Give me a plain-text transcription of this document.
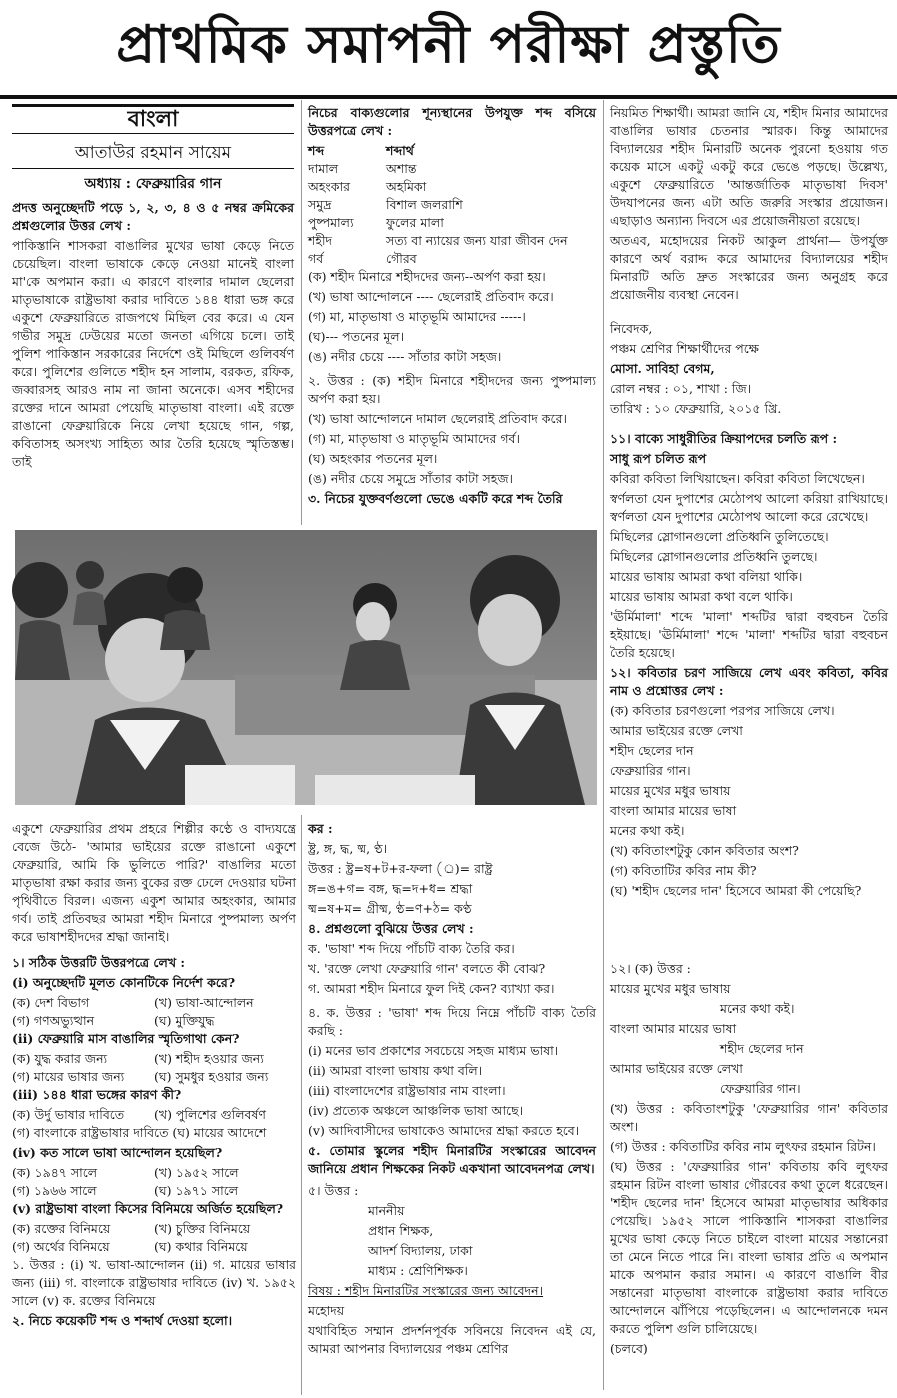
প্রাথমিক সমাপনী পরীক্ষা প্রস্তুতি
বাংলা
আতাউর রহমান সায়েম
অধ্যায় : ফেব্রুয়ারির গান

প্রদত্ত অনুচ্ছেদটি পড়ে ১, ২, ৩, ৪ ও ৫ নম্বর ক্রমিকের প্রশ্নগুলোর উত্তর লেখ :

পাকিস্তানি শাসকরা বাঙালির মুখের ভাষা কেড়ে নিতে চেয়েছিল। বাংলা ভাষাকে কেড়ে নেওয়া মানেই বাংলা মা'কে অপমান করা। এ কারণে বাংলার দামাল ছেলেরা মাতৃভাষাকে রাষ্ট্রভাষা করার দাবিতে ১৪৪ ধারা ভঙ্গ করে একুশে ফেব্রুয়ারিতে রাজপথে মিছিল বের করে। এ যেন গভীর সমুদ্র ঢেউয়ের মতো জনতা এগিয়ে চলে। তাই পুলিশ পাকিস্তান সরকারের নির্দেশে ওই মিছিলে গুলিবর্ষণ করে। পুলিশের গুলিতে শহীদ হন সালাম, বরকত, রফিক, জব্বারসহ আরও নাম না জানা অনেকে। এসব শহীদের রক্তের দানে আমরা পেয়েছি মাতৃভাষা বাংলা। এই রক্তে রাঙানো ফেব্রুয়ারিকে নিয়ে লেখা হয়েছে গান, গল্প, কবিতাসহ অসংখ্য সাহিত্য আর তৈরি হয়েছে স্মৃতিস্তম্ভ। তাই

নিচের বাক্যগুলোর শূন্যস্থানের উপযুক্ত শব্দ বসিয়ে উত্তরপত্রে লেখ :

শব্দ	শব্দার্থ
দামাল	অশান্ত
অহংকার	অহমিকা
সমুদ্র	বিশাল জলরাশি
পুষ্পমাল্য	ফুলের মালা
শহীদ	সত্য বা ন্যায়ের জন্য যারা জীবন দেন
গর্ব	গৌরব

(ক) শহীদ মিনারে শহীদদের জন্য--অর্পণ করা হয়।

(খ) ভাষা আন্দোলনে ---- ছেলেরাই প্রতিবাদ করে।

(গ) মা, মাতৃভাষা ও মাতৃভূমি আমাদের -----।

(ঘ)--- পতনের মূল।

(ঙ) নদীর চেয়ে ---- সাঁতার কাটা সহজ।

২. উত্তর : (ক) শহীদ মিনারে শহীদদের জন্য পুষ্পমাল্য অর্পণ করা হয়।

(খ) ভাষা আন্দোলনে দামাল ছেলেরাই প্রতিবাদ করে।

(গ) মা, মাতৃভাষা ও মাতৃভূমি আমাদের গর্ব।

(ঘ) অহংকার পতনের মূল।

(ঙ) নদীর চেয়ে সমুদ্রে সাঁতার কাটা সহজ।

৩. নিচের যুক্তবর্ণগুলো ভেঙে একটি করে শব্দ তৈরি

নিয়মিত শিক্ষার্থী। আমরা জানি যে, শহীদ মিনার আমাদের বাঙালির ভাষার চেতনার স্মারক। কিন্তু আমাদের বিদ্যালয়ের শহীদ মিনারটি অনেক পুরনো হওয়ায় গত কয়েক মাসে একটু একটু করে ভেঙে পড়ছে। উল্লেখ্য, একুশে ফেব্রুয়ারিতে 'আন্তর্জাতিক মাতৃভাষা দিবস' উদযাপনের জন্য এটা অতি জরুরি সংস্কার প্রয়োজন। এছাড়াও অন্যান্য দিবসে এর প্রয়োজনীয়তা রয়েছে।

অতএব, মহোদয়ের নিকট আকুল প্রার্থনা— উপর্যুক্ত কারণে অর্থ বরাদ্দ করে আমাদের বিদ্যালয়ের শহীদ মিনারটি অতি দ্রুত সংস্কারের জন্য অনুগ্রহ করে প্রয়োজনীয় ব্যবস্থা নেবেন।

নিবেদক,

পঞ্চম শ্রেণির শিক্ষার্থীদের পক্ষে

মোসা. সাবিহা বেগম,

রোল নম্বর : ০১, শাখা : জি।

তারিখ : ১০ ফেব্রুয়ারি, ২০১৫ খ্রি.

১১। বাক্যে সাধুরীতির ক্রিয়াপদের চলতি রূপ :

সাধু রূপ চলিত রূপ

কবিরা কবিতা লিখিয়াছেন। কবিরা কবিতা লিখেছেন।

স্বর্ণলতা যেন দুপাশের মেঠোপথ আলো করিয়া রাখিয়াছে। স্বর্ণলতা যেন দুপাশের মেঠোপথ আলো করে রেখেছে।

মিছিলের স্লোগানগুলো প্রতিধ্বনি তুলিতেছে।

মিছিলের স্লোগানগুলোর প্রতিধ্বনি তুলছে।

মায়ের ভাষায় আমরা কথা বলিয়া থাকি।

মায়ের ভাষায় আমরা কথা বলে থাকি।

'ঊর্মিমালা' শব্দে 'মালা' শব্দটির দ্বারা বহুবচন তৈরি হইয়াছে। 'ঊর্মিমালা' শব্দে 'মালা' শব্দটির দ্বারা বহুবচন তৈরি হয়েছে।

১২। কবিতার চরণ সাজিয়ে লেখ এবং কবিতা, কবির নাম ও প্রশ্নোত্তর লেখ :

(ক) কবিতার চরণগুলো পরপর সাজিয়ে লেখ।

আমার ভাইয়ের রক্তে লেখা

শহীদ ছেলের দান

ফেব্রুয়ারির গান।

মায়ের মুখের মধুর ভাষায়

বাংলা আমার মায়ের ভাষা

মনের কথা কই।

(খ) কবিতাংশটুকু কোন কবিতার অংশ?

(গ) কবিতাটির কবির নাম কী?

(ঘ) 'শহীদ ছেলের দান' হিসেবে আমরা কী পেয়েছি?

একুশে ফেব্রুয়ারির প্রথম প্রহরে শিল্পীর কণ্ঠে ও বাদ্যযন্ত্রে বেজে উঠে- 'আমার ভাইয়ের রক্তে রাঙানো একুশে ফেব্রুয়ারি, আমি কি ভুলিতে পারি?' বাঙালির মতো মাতৃভাষা রক্ষা করার জন্য বুকের রক্ত ঢেলে দেওয়ার ঘটনা পৃথিবীতে বিরল। এজন্য একুশ আমার অহংকার, আমার গর্ব। তাই প্রতিবছর আমরা শহীদ মিনারে পুষ্পমাল্য অর্পণ করে ভাষাশহীদদের শ্রদ্ধা জানাই।

১। সঠিক উত্তরটি উত্তরপত্রে লেখ :

(i) অনুচ্ছেদটি মূলত কোনটিকে নির্দেশ করে?

(ক) দেশ বিভাগ	(খ) ভাষা-আন্দোলন
(গ) গণঅভ্যুত্থান	(ঘ) মুক্তিযুদ্ধ

(ii) ফেব্রুয়ারি মাস বাঙালির স্মৃতিগাথা কেন?

(ক) যুদ্ধ করার জন্য	(খ) শহীদ হওয়ার জন্য
(গ) মায়ের ভাষার জন্য	(ঘ) সুমধুর হওয়ার জন্য

(iii) ১৪৪ ধারা ভঙ্গের কারণ কী?

(ক) উর্দু ভাষার দাবিতে	(খ) পুলিশের গুলিবর্ষণ

(গ) বাংলাকে রাষ্ট্রভাষার দাবিতে (ঘ) মায়ের আদেশে

(iv) কত সালে ভাষা আন্দোলন হয়েছিল?

(ক) ১৯৪৭ সালে	(খ) ১৯৫২ সালে
(গ) ১৯৬৬ সালে	(ঘ) ১৯৭১ সালে

(v) রাষ্ট্রভাষা বাংলা কিসের বিনিময়ে অর্জিত হয়েছিল?

(ক) রক্তের বিনিময়ে	(খ) চুক্তির বিনিময়ে
(গ) অর্থের বিনিময়ে	(ঘ) কথার বিনিময়ে

১. উত্তর : (i) খ. ভাষা-আন্দোলন (ii) গ. মায়ের ভাষার জন্য (iii) গ. বাংলাকে রাষ্ট্রভাষার দাবিতে (iv) খ. ১৯৫২ সালে (v) ক. রক্তের বিনিময়ে

২. নিচে কয়েকটি শব্দ ও শব্দার্থ দেওয়া হলো।

কর :

ষ্ট্র, ঙ্গ, দ্ধ, ষ্ম, ণ্ঠ।

উত্তর : ষ্ট্র=ষ+ট+র-ফলা (্র)= রাষ্ট্র

ঙ্গ=ঙ+গ= বঙ্গ, দ্ধ=দ+ধ= শ্রদ্ধা

ষ্ম=ষ+ম= গ্রীষ্ম, ণ্ঠ=ণ+ঠ= কণ্ঠ

৪. প্রশ্নগুলো বুঝিয়ে উত্তর লেখ :

ক. 'ভাষা' শব্দ দিয়ে পাঁচটি বাক্য তৈরি কর।

খ. 'রক্তে লেখা ফেব্রুয়ারি গান' বলতে কী বোঝ?

গ. আমরা শহীদ মিনারে ফুল দিই কেন? ব্যাখ্যা কর।

৪. ক. উত্তর : 'ভাষা' শব্দ দিয়ে নিম্নে পাঁচটি বাক্য তৈরি করছি :

(i) মনের ভাব প্রকাশের সবচেয়ে সহজ মাধ্যম ভাষা।

(ii) আমরা বাংলা ভাষায় কথা বলি।

(iii) বাংলাদেশের রাষ্ট্রভাষার নাম বাংলা।

(iv) প্রত্যেক অঞ্চলে আঞ্চলিক ভাষা আছে।

(v) আদিবাসীদের ভাষাকেও আমাদের শ্রদ্ধা করতে হবে।

৫. তোমার স্কুলের শহীদ মিনারটির সংস্কারের আবেদন জানিয়ে প্রধান শিক্ষকের নিকট একখানা আবেদনপত্র লেখ।

৫। উত্তর :

মাননীয়

প্রধান শিক্ষক,

আদর্শ বিদ্যালয়, ঢাকা

মাধ্যম : শ্রেণিশিক্ষক।

বিষয় : শহীদ মিনারটির সংস্কারের জন্য আবেদন।

মহোদয়

যথাবিহিত সম্মান প্রদর্শনপূর্বক সবিনয়ে নিবেদন এই যে, আমরা আপনার বিদ্যালয়ের পঞ্চম শ্রেণির

১২। (ক) উত্তর :

মায়ের মুখের মধুর ভাষায়

মনের কথা কই।

বাংলা আমার মায়ের ভাষা

শহীদ ছেলের দান

আমার ভাইয়ের রক্তে লেখা

ফেব্রুয়ারির গান।

(খ) উত্তর : কবিতাংশটুকু 'ফেব্রুয়ারির গান' কবিতার অংশ।

(গ) উত্তর : কবিতাটির কবির নাম লুৎফর রহমান রিটন।

(ঘ) উত্তর : 'ফেব্রুয়ারির গান' কবিতায় কবি লুৎফর রহমান রিটন বাংলা ভাষার গৌরবের কথা তুলে ধরেছেন। 'শহীদ ছেলের দান' হিসেবে আমরা মাতৃভাষার অধিকার পেয়েছি। ১৯৫২ সালে পাকিস্তানি শাসকরা বাঙালির মুখের ভাষা কেড়ে নিতে চাইলে বাংলা মায়ের সন্তানেরা তা মেনে নিতে পারে নি। বাংলা ভাষার প্রতি এ অপমান মাকে অপমান করার সমান। এ কারণে বাঙালি বীর সন্তানেরা মাতৃভাষা বাংলাকে রাষ্ট্রভাষা করার দাবিতে আন্দোলনে ঝাঁপিয়ে পড়েছিলেন। এ আন্দোলনকে দমন করতে পুলিশ গুলি চালিয়েছে।

(চলবে)
